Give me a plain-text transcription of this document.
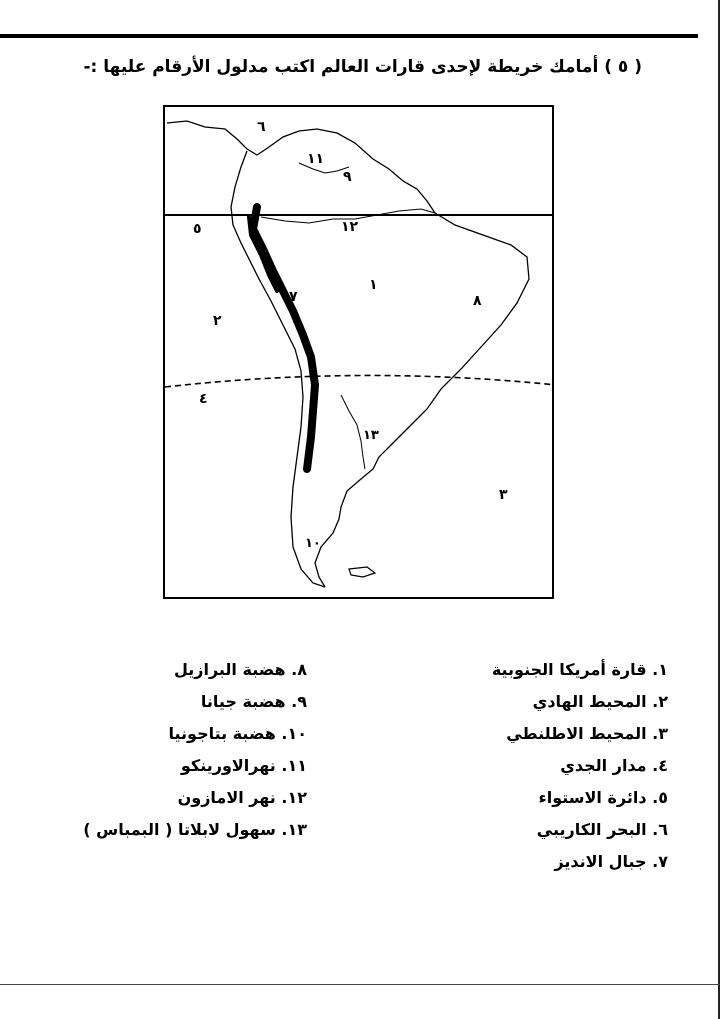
( ٥ ) أمامك خريطة لإحدى قارات العالم اكتب مدلول الأرقام عليها :-
٦
١١
٩
٥	١٢
١
٨
٧
٢
٤
١٣
٣
١٠
١. قارة أمريكا الجنوبية
٢. المحيط الهادي
٣. المحيط الاطلنطي
٤. مدار الجدي
٥. دائرة الاستواء
٦. البحر الكاريبي
٧. جبال الانديز
٨. هضبة البرازيل
٩. هضبة جيانا
١٠. هضبة بتاجونيا
١١. نهرالاورينكو
١٢. نهر الامازون
١٣. سهول لابلاتا ( البمباس )
